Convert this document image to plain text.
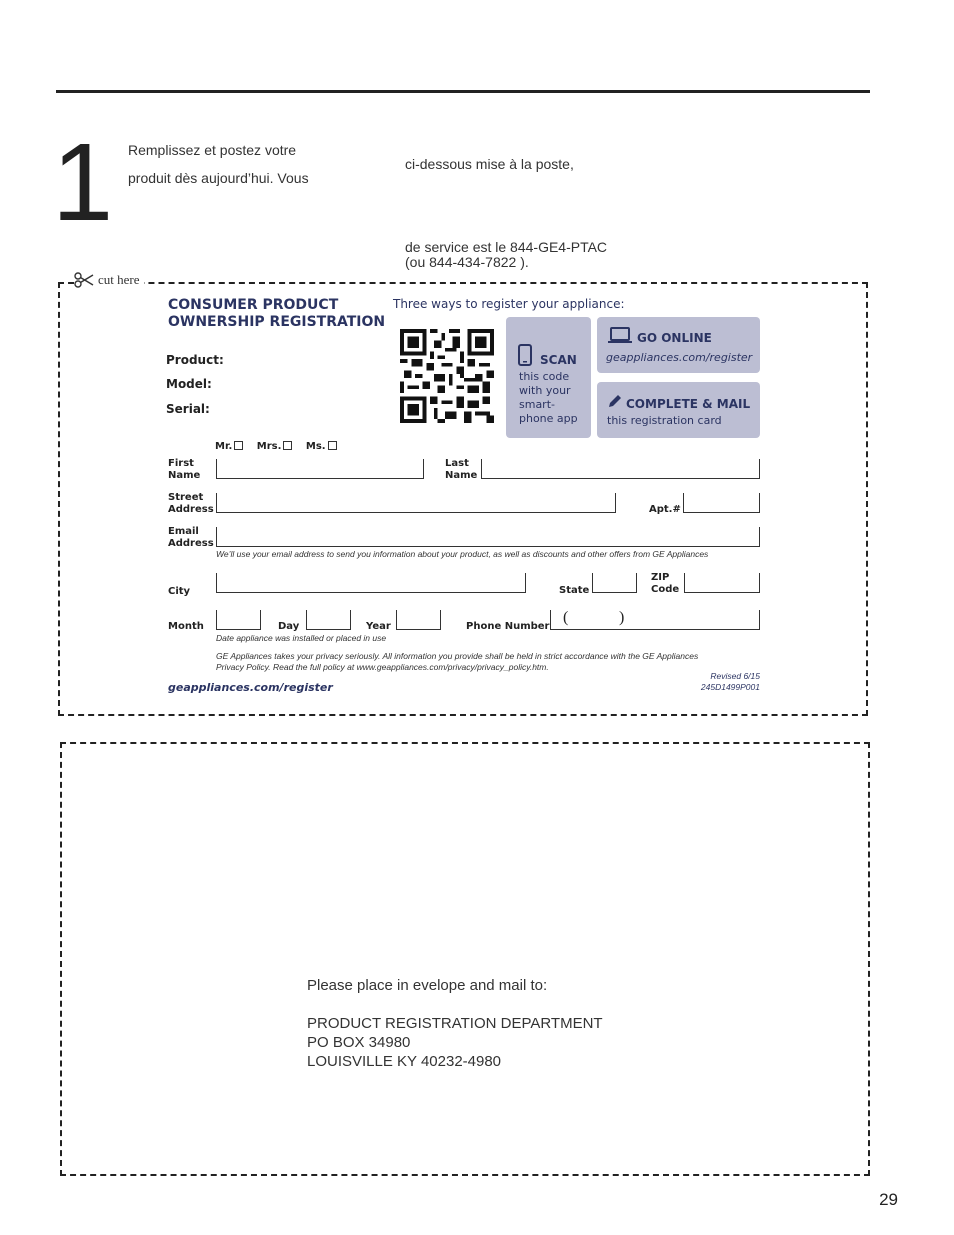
1 Remplissez et postez votre
produit dès aujourd’hui. Vous
ci-dessous mise à la poste,
de service est le 844-GE4-PTAC
(ou 844-434-7822 ).
cut here
CONSUMER PRODUCT
OWNERSHIP REGISTRATION
Three ways to register your appliance:
Product:
Model:
Serial:
SCAN
this code
with your
smart-
phone app
GO ONLINE
geappliances.com/register
COMPLETE & MAIL
this registration card
Mr. Mrs. Ms.
First
Name
Last
Name
Street
Address	Apt.#
Email
Address
We’ll use your email address to send you information about your product, as well as discounts and other offers from GE Appliances
City	State
ZIP
Code
Month	Day	Year	Phone Number
(	)
Date appliance was installed or placed in use
GE Appliances takes your privacy seriously. All information you provide shall be held in strict accordance with the GE Appliances
Privacy Policy. Read the full policy at www.geappliances.com/privacy/privacy_policy.htm.
geappliances.com/register
Revised 6/15
245D1499P001
Please place in evelope and mail to:
PRODUCT REGISTRATION DEPARTMENT
PO BOX 34980
LOUISVILLE KY 40232-4980
29
